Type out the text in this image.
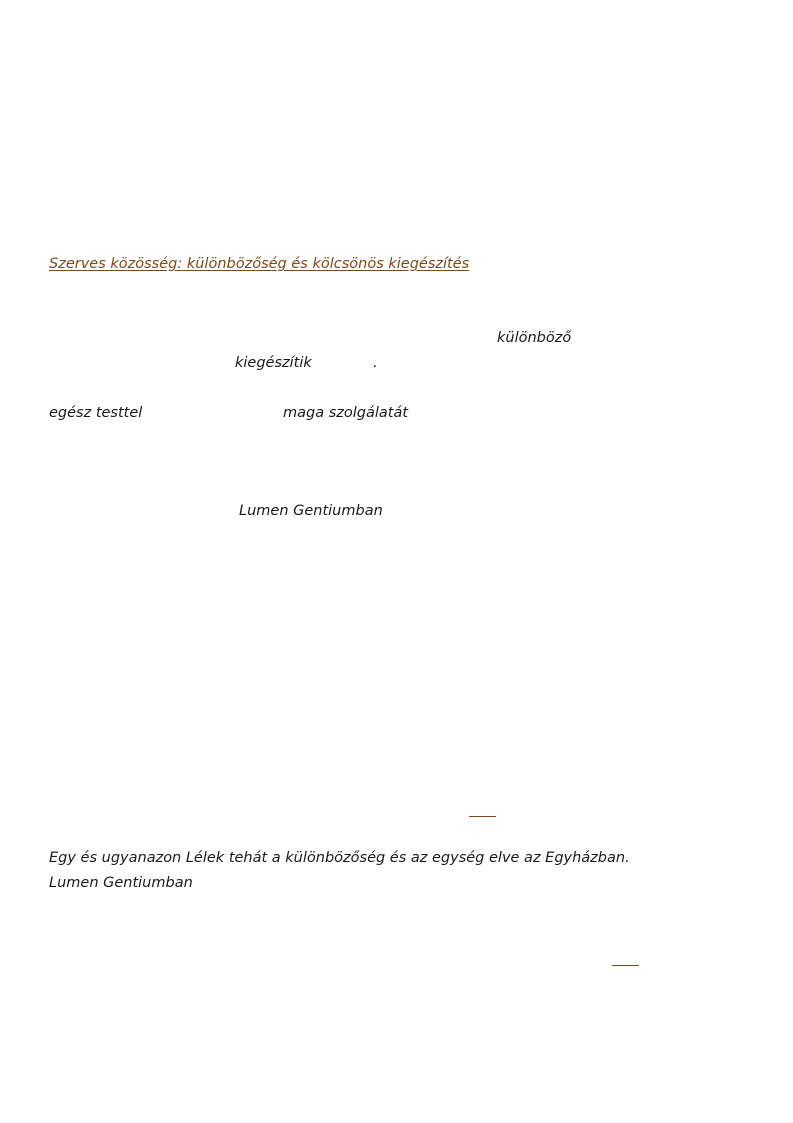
Szerves közösség: különbözőség és kölcsönös kiegészítés
különböző
kiegészítik	.
egész testtel	maga szolgálatát
Lumen Gentiumban
Egy és ugyanazon Lélek tehát a különbözőség és az egység elve az Egyházban.
Lumen Gentiumban
